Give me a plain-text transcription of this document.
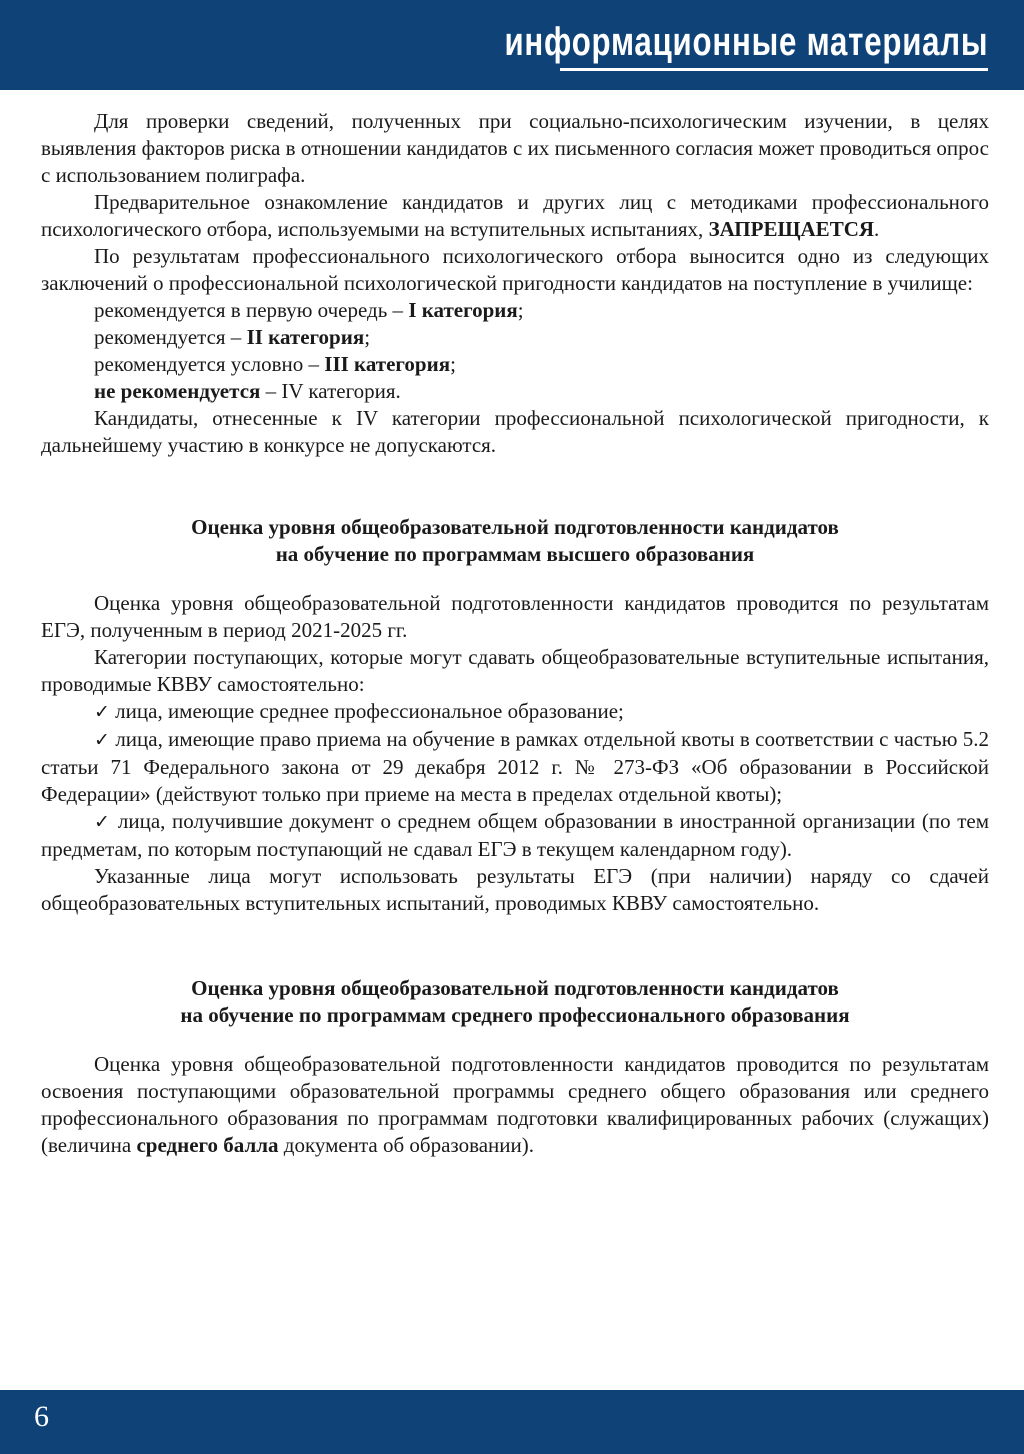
информационные материалы

Для проверки сведений, полученных при социально-психологическим изучении, в целях выявления факторов риска в отношении кандидатов с их письменного согласия может проводиться опрос с использованием полиграфа.

Предварительное ознакомление кандидатов и других лиц с методиками профессионального психологического отбора, используемыми на вступительных испытаниях, ЗАПРЕЩАЕТСЯ.

По результатам профессионального психологического отбора выносится одно из следующих заключений о профессиональной психологической пригодности кандидатов на поступление в училище:

рекомендуется в первую очередь – I категория;

рекомендуется – II категория;

рекомендуется условно – III категория;

не рекомендуется – IV категория.

Кандидаты, отнесенные к IV категории профессиональной психологической пригодности, к дальнейшему участию в конкурсе не допускаются.

Оценка уровня общеобразовательной подготовленности кандидатов
на обучение по программам высшего образования

Оценка уровня общеобразовательной подготовленности кандидатов проводится по результатам ЕГЭ, полученным в период 2021-2025 гг.

Категории поступающих, которые могут сдавать общеобразовательные вступительные испытания, проводимые КВВУ самостоятельно:

✓ лица, имеющие среднее профессиональное образование;

✓ лица, имеющие право приема на обучение в рамках отдельной квоты в соответствии с частью 5.2 статьи 71 Федерального закона от 29 декабря 2012 г. № 273-ФЗ «Об образовании в Российской Федерации» (действуют только при приеме на места в пределах отдельной квоты);

✓ лица, получившие документ о среднем общем образовании в иностранной организации (по тем предметам, по которым поступающий не сдавал ЕГЭ в текущем календарном году).

Указанные лица могут использовать результаты ЕГЭ (при наличии) наряду со сдачей общеобразовательных вступительных испытаний, проводимых КВВУ самостоятельно.

Оценка уровня общеобразовательной подготовленности кандидатов
на обучение по программам среднего профессионального образования

Оценка уровня общеобразовательной подготовленности кандидатов проводится по результатам освоения поступающими образовательной программы среднего общего образования или среднего профессионального образования по программам подготовки квалифицированных рабочих (служащих) (величина среднего балла документа об образовании).

6
